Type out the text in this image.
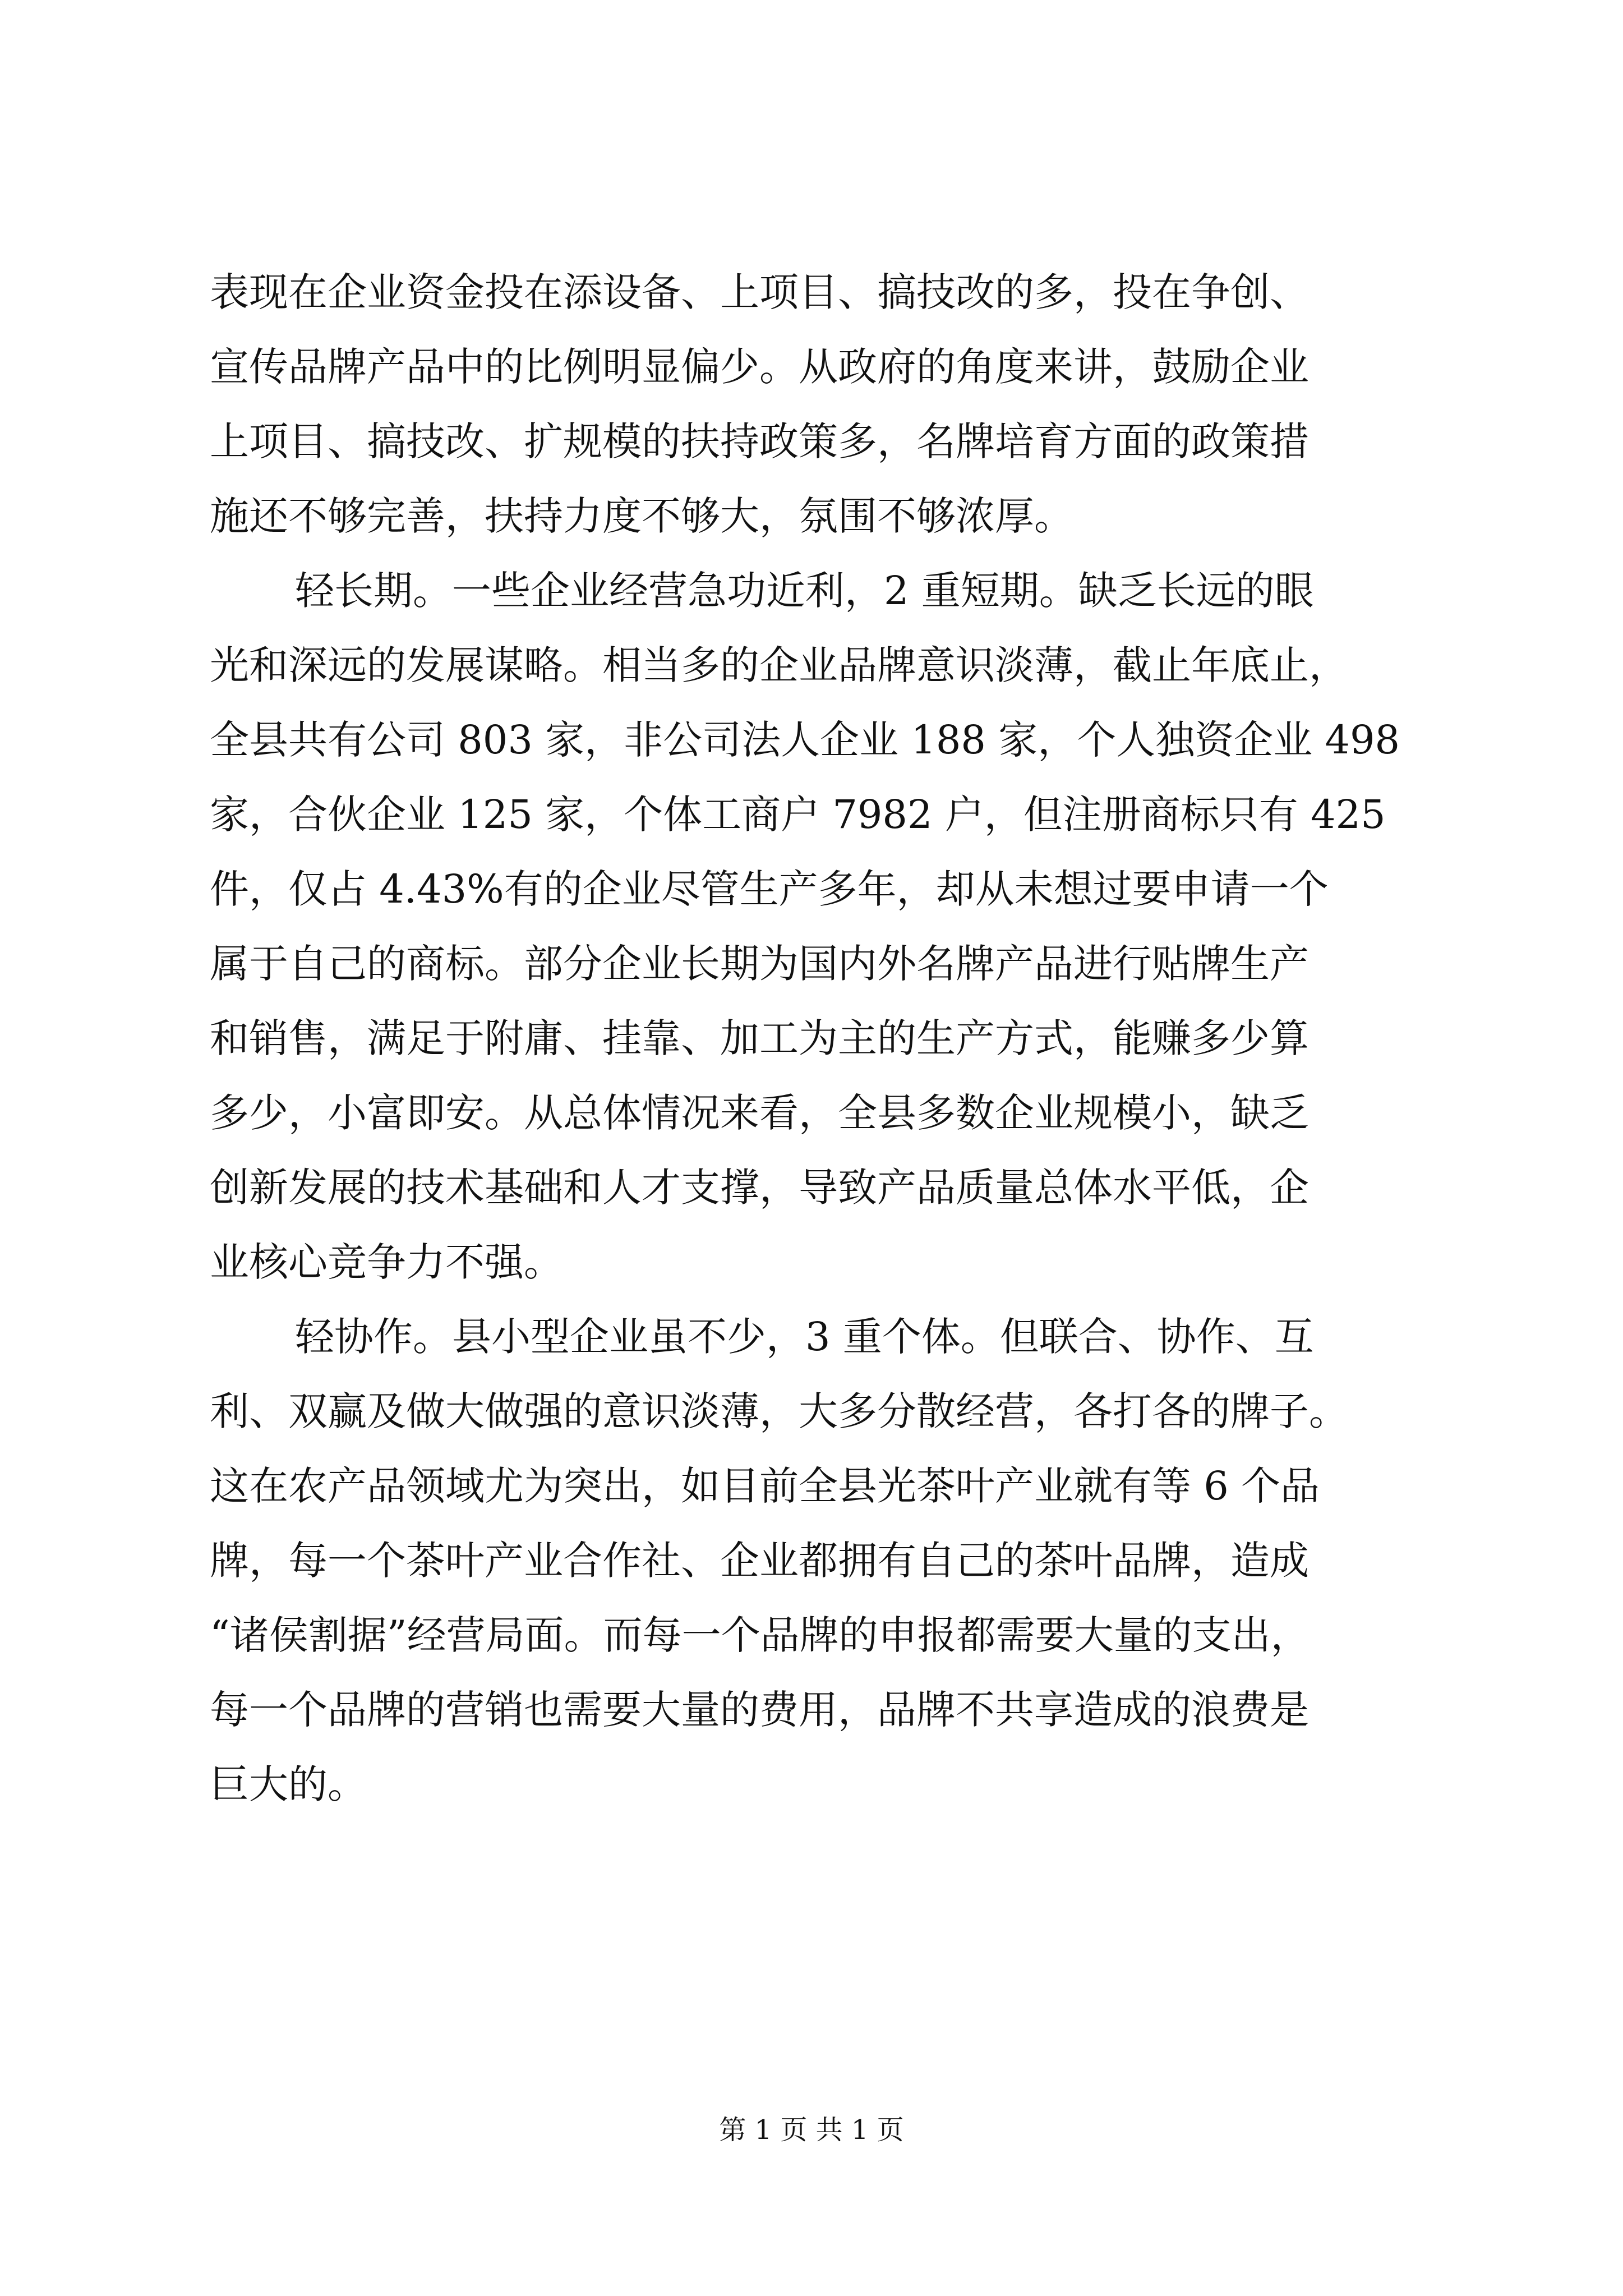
表现在企业资金投在添设备、上项目、搞技改的多，投在争创、
宣传品牌产品中的比例明显偏少。从政府的角度来讲，鼓励企业
上项目、搞技改、扩规模的扶持政策多，名牌培育方面的政策措
施还不够完善，扶持力度不够大，氛围不够浓厚。
轻长期。一些企业经营急功近利，2 重短期。缺乏长远的眼
光和深远的发展谋略。相当多的企业品牌意识淡薄，截止年底止，
全县共有公司 803 家，非公司法人企业 188 家，个人独资企业 498
家，合伙企业 125 家，个体工商户 7982 户，但注册商标只有 425
件，仅占 4.43%有的企业尽管生产多年，却从未想过要申请一个
属于自己的商标。部分企业长期为国内外名牌产品进行贴牌生产
和销售，满足于附庸、挂靠、加工为主的生产方式，能赚多少算
多少，小富即安。从总体情况来看，全县多数企业规模小，缺乏
创新发展的技术基础和人才支撑，导致产品质量总体水平低，企
业核心竞争力不强。
轻协作。县小型企业虽不少，3 重个体。但联合、协作、互
利、双赢及做大做强的意识淡薄，大多分散经营，各打各的牌子。
这在农产品领域尤为突出，如目前全县光茶叶产业就有等 6 个品
牌，每一个茶叶产业合作社、企业都拥有自己的茶叶品牌，造成
“诸侯割据”经营局面。而每一个品牌的申报都需要大量的支出，
每一个品牌的营销也需要大量的费用，品牌不共享造成的浪费是
巨大的。
第 1 页 共 1 页
